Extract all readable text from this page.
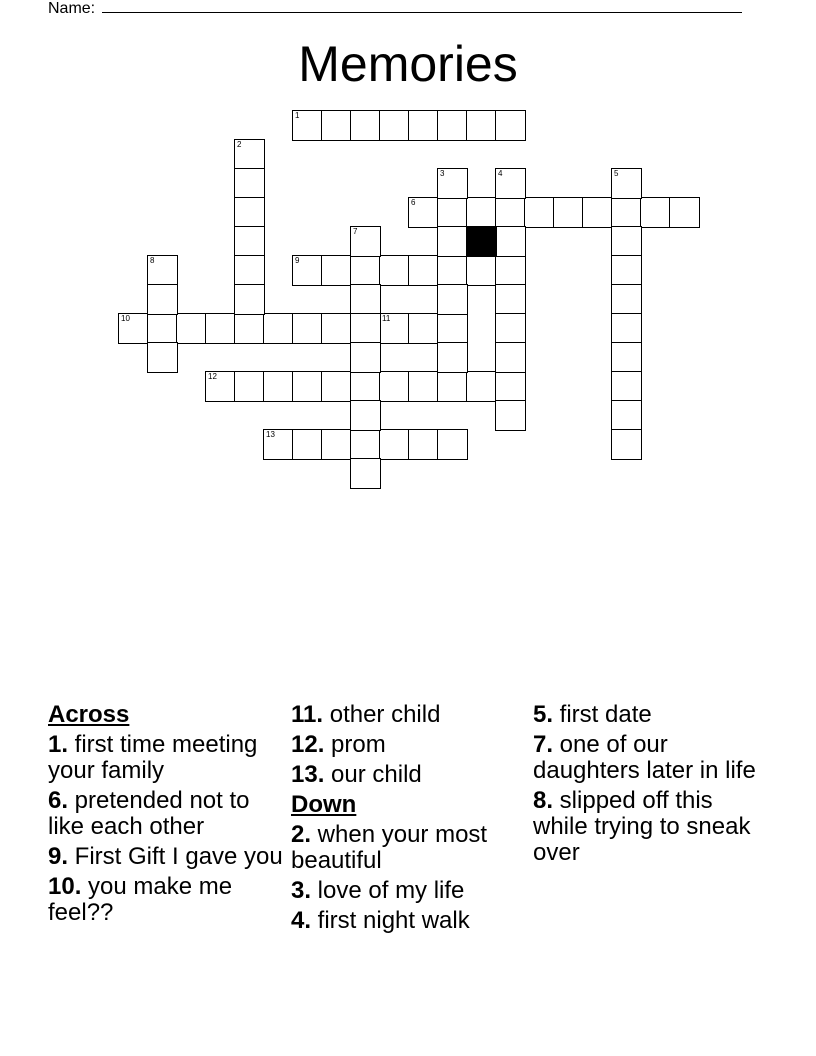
Name:
Memories
1
6
9
10	11
12
13
2
3	4	5
7
8
Across
1. first time meeting your family
6. pretended not to like each other
9. First Gift I gave you
10. you make me feel??
11. other child
12. prom
13. our child
Down
2. when your most beautiful
3. love of my life
4. first night walk
5. first date
7. one of our daughters later in life
8. slipped off this while trying to sneak over
